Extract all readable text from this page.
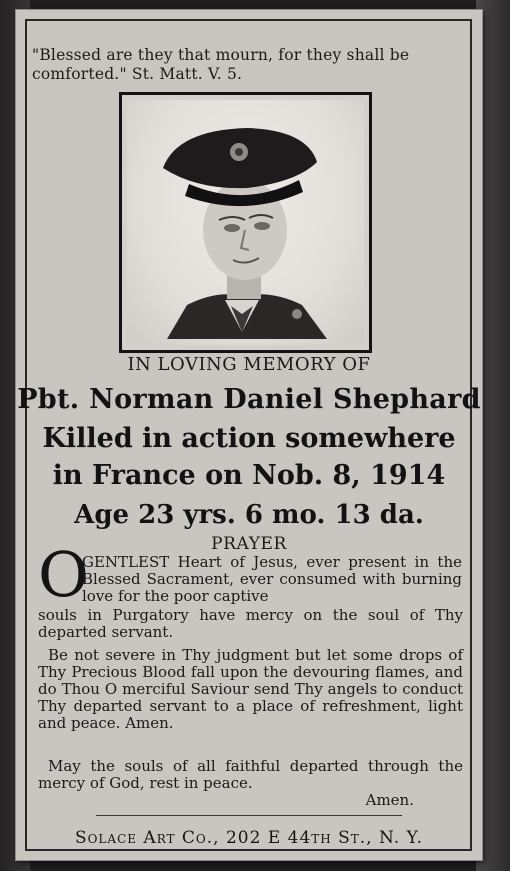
"Blessed are they that mourn, for they shall be comforted." St. Matt. V. 5.
IN LOVING MEMORY OF
Pbt. Norman Daniel Shephard
Killed in action somewhere
in France on Nob. 8, 1914
Age 23 yrs. 6 mo. 13 da.
PRAYER
O
GENTLEST Heart of Jesus, ever present in the Blessed Sacrament, ever consumed with burning love for the poor captive
souls in Purgatory have mercy on the soul of Thy departed servant.
Be not severe in Thy judgment but let some drops of Thy Precious Blood fall upon the devouring flames, and do Thou O merciful Saviour send Thy angels to conduct Thy departed servant to a place of refreshment, light and peace. Amen.
May the souls of all faithful departed through the mercy of God, rest in peace.
Amen.
Solace Art Co., 202 E 44th St., N. Y.
